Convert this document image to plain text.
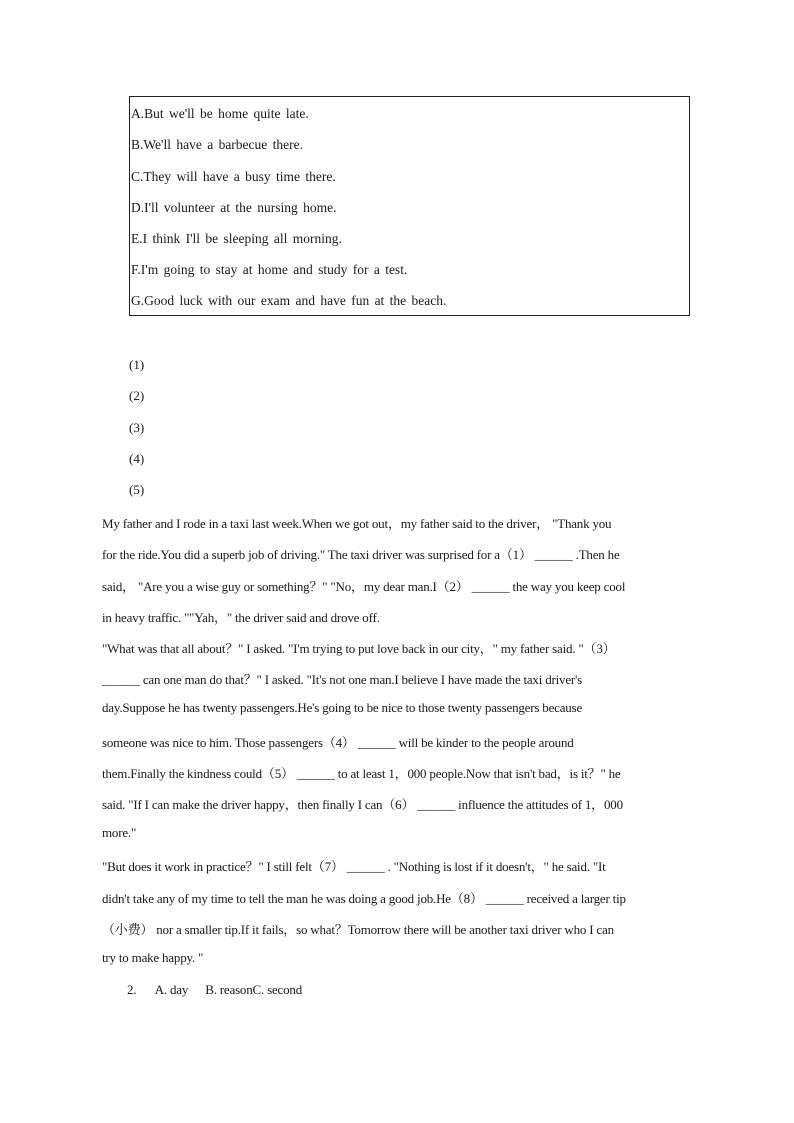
A.But we'll be home quite late.
B.We'll have a barbecue there.
C.They will have a busy time there.
D.I'll volunteer at the nursing home.
E.I think I'll be sleeping all morning.
F.I'm going to stay at home and study for a test.
G.Good luck with our exam and have fun at the beach.
(1)
(2)
(3)
(4)
(5)
My father and I rode in a taxi last week.When we got out，my father said to the driver， "Thank you
for the ride.You did a superb job of driving." The taxi driver was surprised for a（1） ______ .Then he
said， "Are you a wise guy or something？" "No，my dear man.I（2） ______ the way you keep cool
in heavy traffic. ""Yah，" the driver said and drove off.
"What was that all about？" I asked. "I'm trying to put love back in our city，" my father said. "（3）
______ can one man do that？" I asked. "It's not one man.I believe I have made the taxi driver's
day.Suppose he has twenty passengers.He's going to be nice to those twenty passengers because
someone was nice to him. Those passengers（4） ______ will be kinder to the people around
them.Finally the kindness could（5） ______ to at least 1，000 people.Now that isn't bad，is it？" he
said. "If I can make the driver happy，then finally I can（6） ______ influence the attitudes of 1，000
more."
"But does it work in practice？" I still felt（7） ______ . "Nothing is lost if it doesn't，" he said. "It
didn't take any of my time to tell the man he was doing a good job.He（8） ______ received a larger tip
（小费） nor a smaller tip.If it fails，so what？Tomorrow there will be another taxi driver who I can
try to make happy. "
2. A. day B. reasonC. second
